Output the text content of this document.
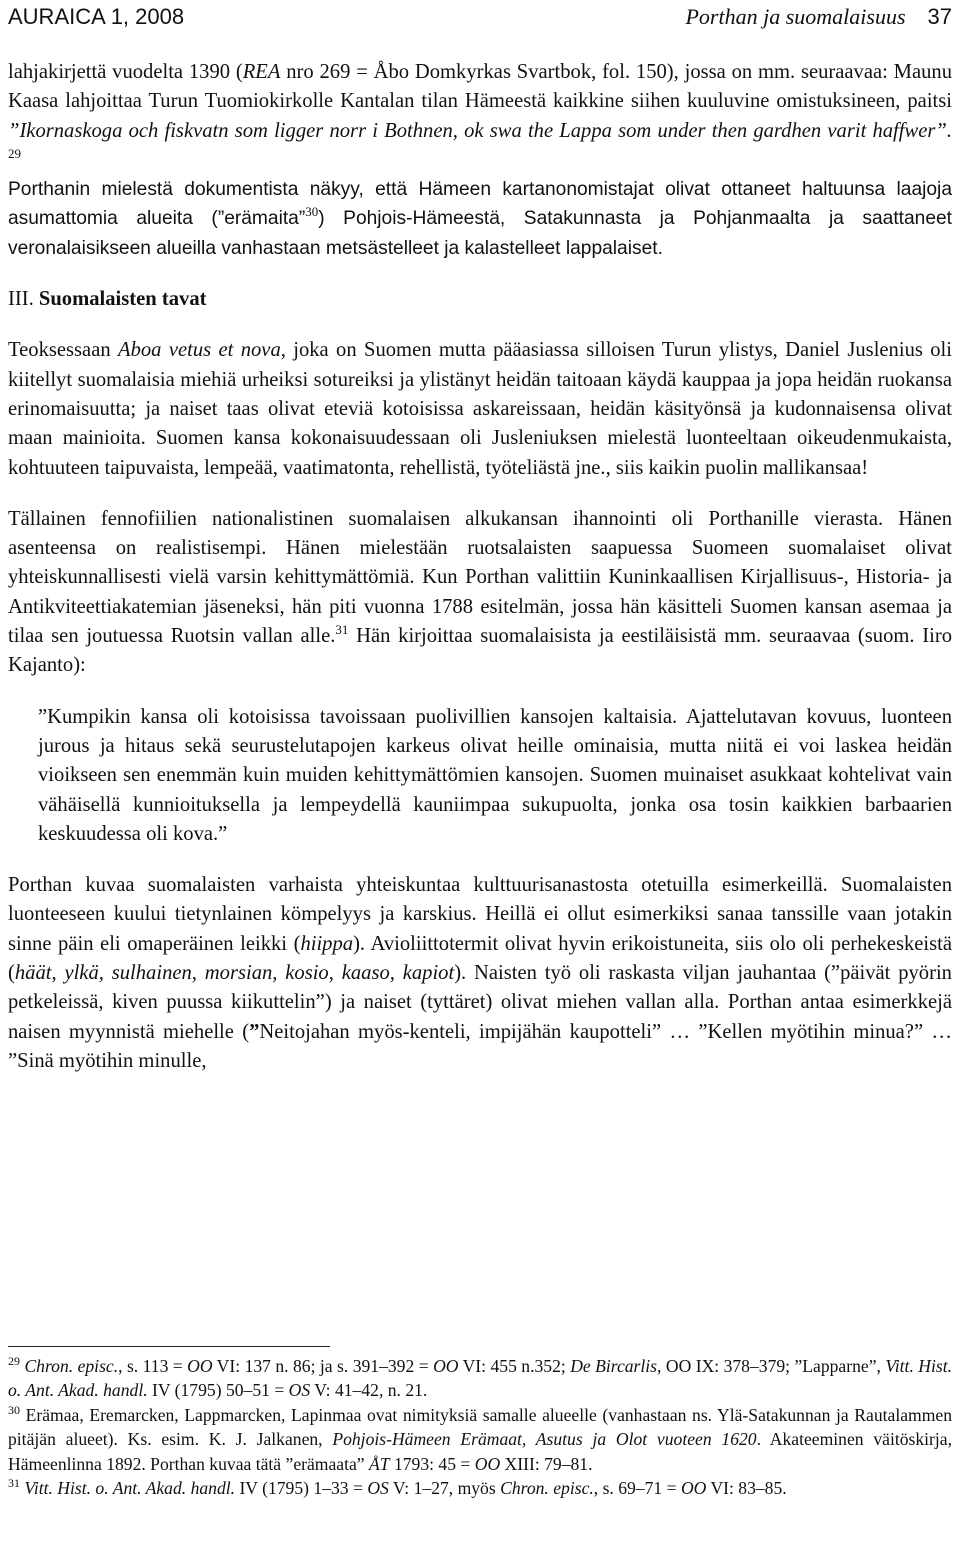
AURAICA 1, 2008	Porthan ja suomalaisuus 37

lahjakirjettä vuodelta 1390 (REA nro 269 = Åbo Domkyrkas Svartbok, fol. 150), jossa on mm. seuraavaa: Maunu Kaasa lahjoittaa Turun Tuomiokirkolle Kantalan tilan Hämeestä kaikkine siihen kuuluvine omistuksineen, paitsi ”Ikornaskoga och fiskvatn som ligger norr i Bothnen, ok swa the Lappa som under then gardhen varit haffwer”. $^{29}$
Porthanin mielestä dokumentista näkyy, että Hämeen kartanonomistajat olivat ottaneet haltuunsa laajoja asumattomia alueita (”erämaita”$^{30}$) Pohjois-Hämeestä, Satakunnasta ja Pohjanmaalta ja saattaneet veronalaisikseen alueilla vanhastaan metsästelleet ja kalastelleet lappalaiset.

III. Suomalaisten tavat

Teoksessaan Aboa vetus et nova, joka on Suomen mutta pääasiassa silloisen Turun ylistys, Daniel Juslenius oli kiitellyt suomalaisia miehiä urheiksi sotureiksi ja ylistänyt heidän taitoaan käydä kauppaa ja jopa heidän ruokansa erinomaisuutta; ja naiset taas olivat eteviä kotoisissa askareissaan, heidän käsityönsä ja kudonnaisensa olivat maan mainioita. Suomen kansa kokonaisuudessaan oli Jusleniuksen mielestä luonteeltaan oikeudenmukaista, kohtuuteen taipuvaista, lempeää, vaatimatonta, rehellistä, työteliästä jne., siis kaikin puolin mallikansaa!

Tällainen fennofiilien nationalistinen suomalaisen alkukansan ihannointi oli Porthanille vierasta. Hänen asenteensa on realistisempi. Hänen mielestään ruotsalaisten saapuessa Suomeen suomalaiset olivat yhteiskunnallisesti vielä varsin kehittymättömiä. Kun Porthan valittiin Kuninkaallisen Kirjallisuus-, Historia- ja Antikviteettiakatemian jäseneksi, hän piti vuonna 1788 esitelmän, jossa hän käsitteli Suomen kansan asemaa ja tilaa sen joutuessa Ruotsin vallan alle.$^{31}$ Hän kirjoittaa suomalaisista ja eestiläisistä mm. seuraavaa (suom. Iiro Kajanto):

”Kumpikin kansa oli kotoisissa tavoissaan puolivillien kansojen kaltaisia. Ajattelutavan kovuus, luonteen jurous ja hitaus sekä seurustelutapojen karkeus olivat heille ominaisia, mutta niitä ei voi laskea heidän vioikseen sen enemmän kuin muiden kehittymättömien kansojen. Suomen muinaiset asukkaat kohtelivat vain vähäisellä kunnioituksella ja lempeydellä kauniimpaa sukupuolta, jonka osa tosin kaikkien barbaarien keskuudessa oli kova.”

Porthan kuvaa suomalaisten varhaista yhteiskuntaa kulttuurisanastosta otetuilla esimerkeillä. Suomalaisten luonteeseen kuului tietynlainen kömpelyys ja karskius. Heillä ei ollut esimerkiksi sanaa tanssille vaan jotakin sinne päin eli omaperäinen leikki (hiippa). Avioliittotermit olivat hyvin erikoistuneita, siis olo oli perhekeskeistä (häät, ylkä, sulhainen, morsian, kosio, kaaso, kapiot). Naisten työ oli raskasta viljan jauhantaa (”päivät pyörin petkeleissä, kiven puussa kiikuttelin”) ja naiset (tyttäret) olivat miehen vallan alla. Porthan antaa esimerkkejä naisen myynnistä miehelle (”Neitojahan myös-kenteli, impijähän kaupotteli” … ”Kellen myötihin minua?” … ”Sinä myötihin minulle,

$^{29}$ Chron. episc., s. 113 = OO VI: 137 n. 86; ja s. 391–392 = OO VI: 455 n.352; De Bircarlis, OO IX: 378–379; ”Lapparne”, Vitt. Hist. o. Ant. Akad. handl. IV (1795) 50–51 = OS V: 41–42, n. 21.

$^{30}$ Erämaa, Eremarcken, Lappmarcken, Lapinmaa ovat nimityksiä samalle alueelle (vanhastaan ns. Ylä-Satakunnan ja Rautalammen pitäjän alueet). Ks. esim. K. J. Jalkanen, Pohjois-Hämeen Erämaat, Asutus ja Olot vuoteen 1620. Akateeminen väitöskirja, Hämeenlinna 1892. Porthan kuvaa tätä ”erämaata” ÅT 1793: 45 = OO XIII: 79–81.

$^{31}$ Vitt. Hist. o. Ant. Akad. handl. IV (1795) 1–33 = OS V: 1–27, myös Chron. episc., s. 69–71 = OO VI: 83–85.
